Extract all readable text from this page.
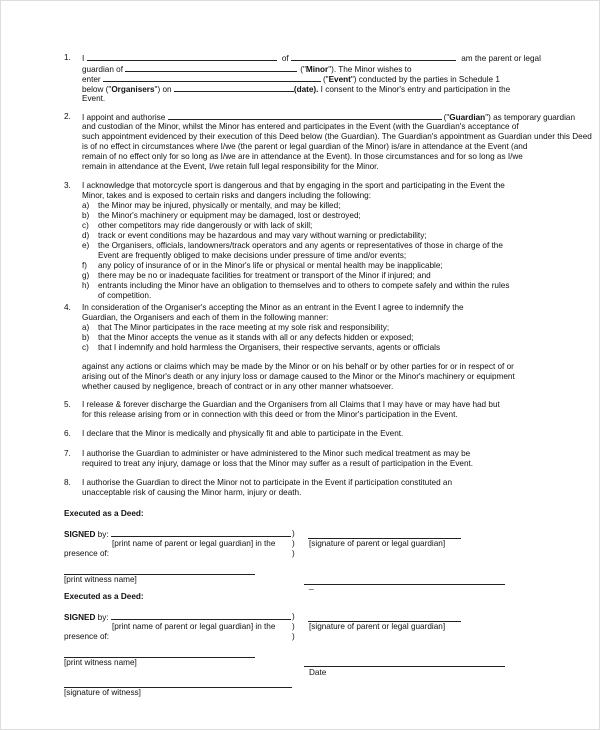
1. I	of	am the parent or legal
guardian of	("Minor"). The Minor wishes to
enter	("Event") conducted by the parties in Schedule 1
below ("Organisers") on	(date). I consent to the Minor's entry and participation in the
Event.
2. I appoint and authorise	("Guardian") as temporary guardian
and custodian of the Minor, whilst the Minor has entered and participates in the Event (with the Guardian's acceptance of
such appointment evidenced by their execution of this Deed below (the Guardian). The Guardian's appointment as Guardian under this Deed
is of no effect in circumstances where I/we (the parent or legal guardian of the Minor) is/are in attendance at the Event (and
remain of no effect only for so long as I/we are in attendance at the Event). In those circumstances and for so long as I/we
remain in attendance at the Event, I/we retain full legal responsibility for the Minor.
3. I acknowledge that motorcycle sport is dangerous and that by engaging in the sport and participating in the Event the
Minor, takes and is exposed to certain risks and dangers including the following:
a) the Minor may be injured, physically or mentally, and may be killed;
b) the Minor's machinery or equipment may be damaged, lost or destroyed;
c) other competitors may ride dangerously or with lack of skill;
d) track or event conditions may be hazardous and may vary without warning or predictability;
e) the Organisers, officials, landowners/track operators and any agents or representatives of those in charge of the
Event are frequently obliged to make decisions under pressure of time and/or events;
f) any policy of insurance of or in the Minor's life or physical or mental health may be inapplicable;
g) there may be no or inadequate facilities for treatment or transport of the Minor if injured; and
h) entrants including the Minor have an obligation to themselves and to others to compete safely and within the rules
of competition.
4. In consideration of the Organiser's accepting the Minor as an entrant in the Event I agree to indemnify the
Guardian, the Organisers and each of them in the following manner:
a) that The Minor participates in the race meeting at my sole risk and responsibility;
b) that the Minor accepts the venue as it stands with all or any defects hidden or exposed;
c) that I indemnify and hold harmless the Organisers, their respective servants, agents or officials
against any actions or claims which may be made by the Minor or on his behalf or by other parties for or in respect of or
arising out of the Minor's death or any injury loss or damage caused to the Minor or the Minor's machinery or equipment
whether caused by negligence, breach of contract or in any other manner whatsoever.
5. I release & forever discharge the Guardian and the Organisers from all Claims that I may have or may have had but
for this release arising from or in connection with this deed or from the Minor's participation in the Event.
6. I declare that the Minor is medically and physically fit and able to participate in the Event.
7. I authorise the Guardian to administer or have administered to the Minor such medical treatment as may be
required to treat any injury, damage or loss that the Minor may suffer as a result of participation in the Event.
8. I authorise the Guardian to direct the Minor not to participate in the Event if participation constituted an
unacceptable risk of causing the Minor harm, injury or death.
Executed as a Deed:
SIGNED by:
[print name of parent or legal guardian] in the
presence of:
)
)
)
[signature of parent or legal guardian]
[print witness name]
_
Executed as a Deed:
SIGNED by:
[print name of parent or legal guardian] in the
presence of:
)
)
)
[signature of parent or legal guardian]
[print witness name]
Date
[signature of witness]
